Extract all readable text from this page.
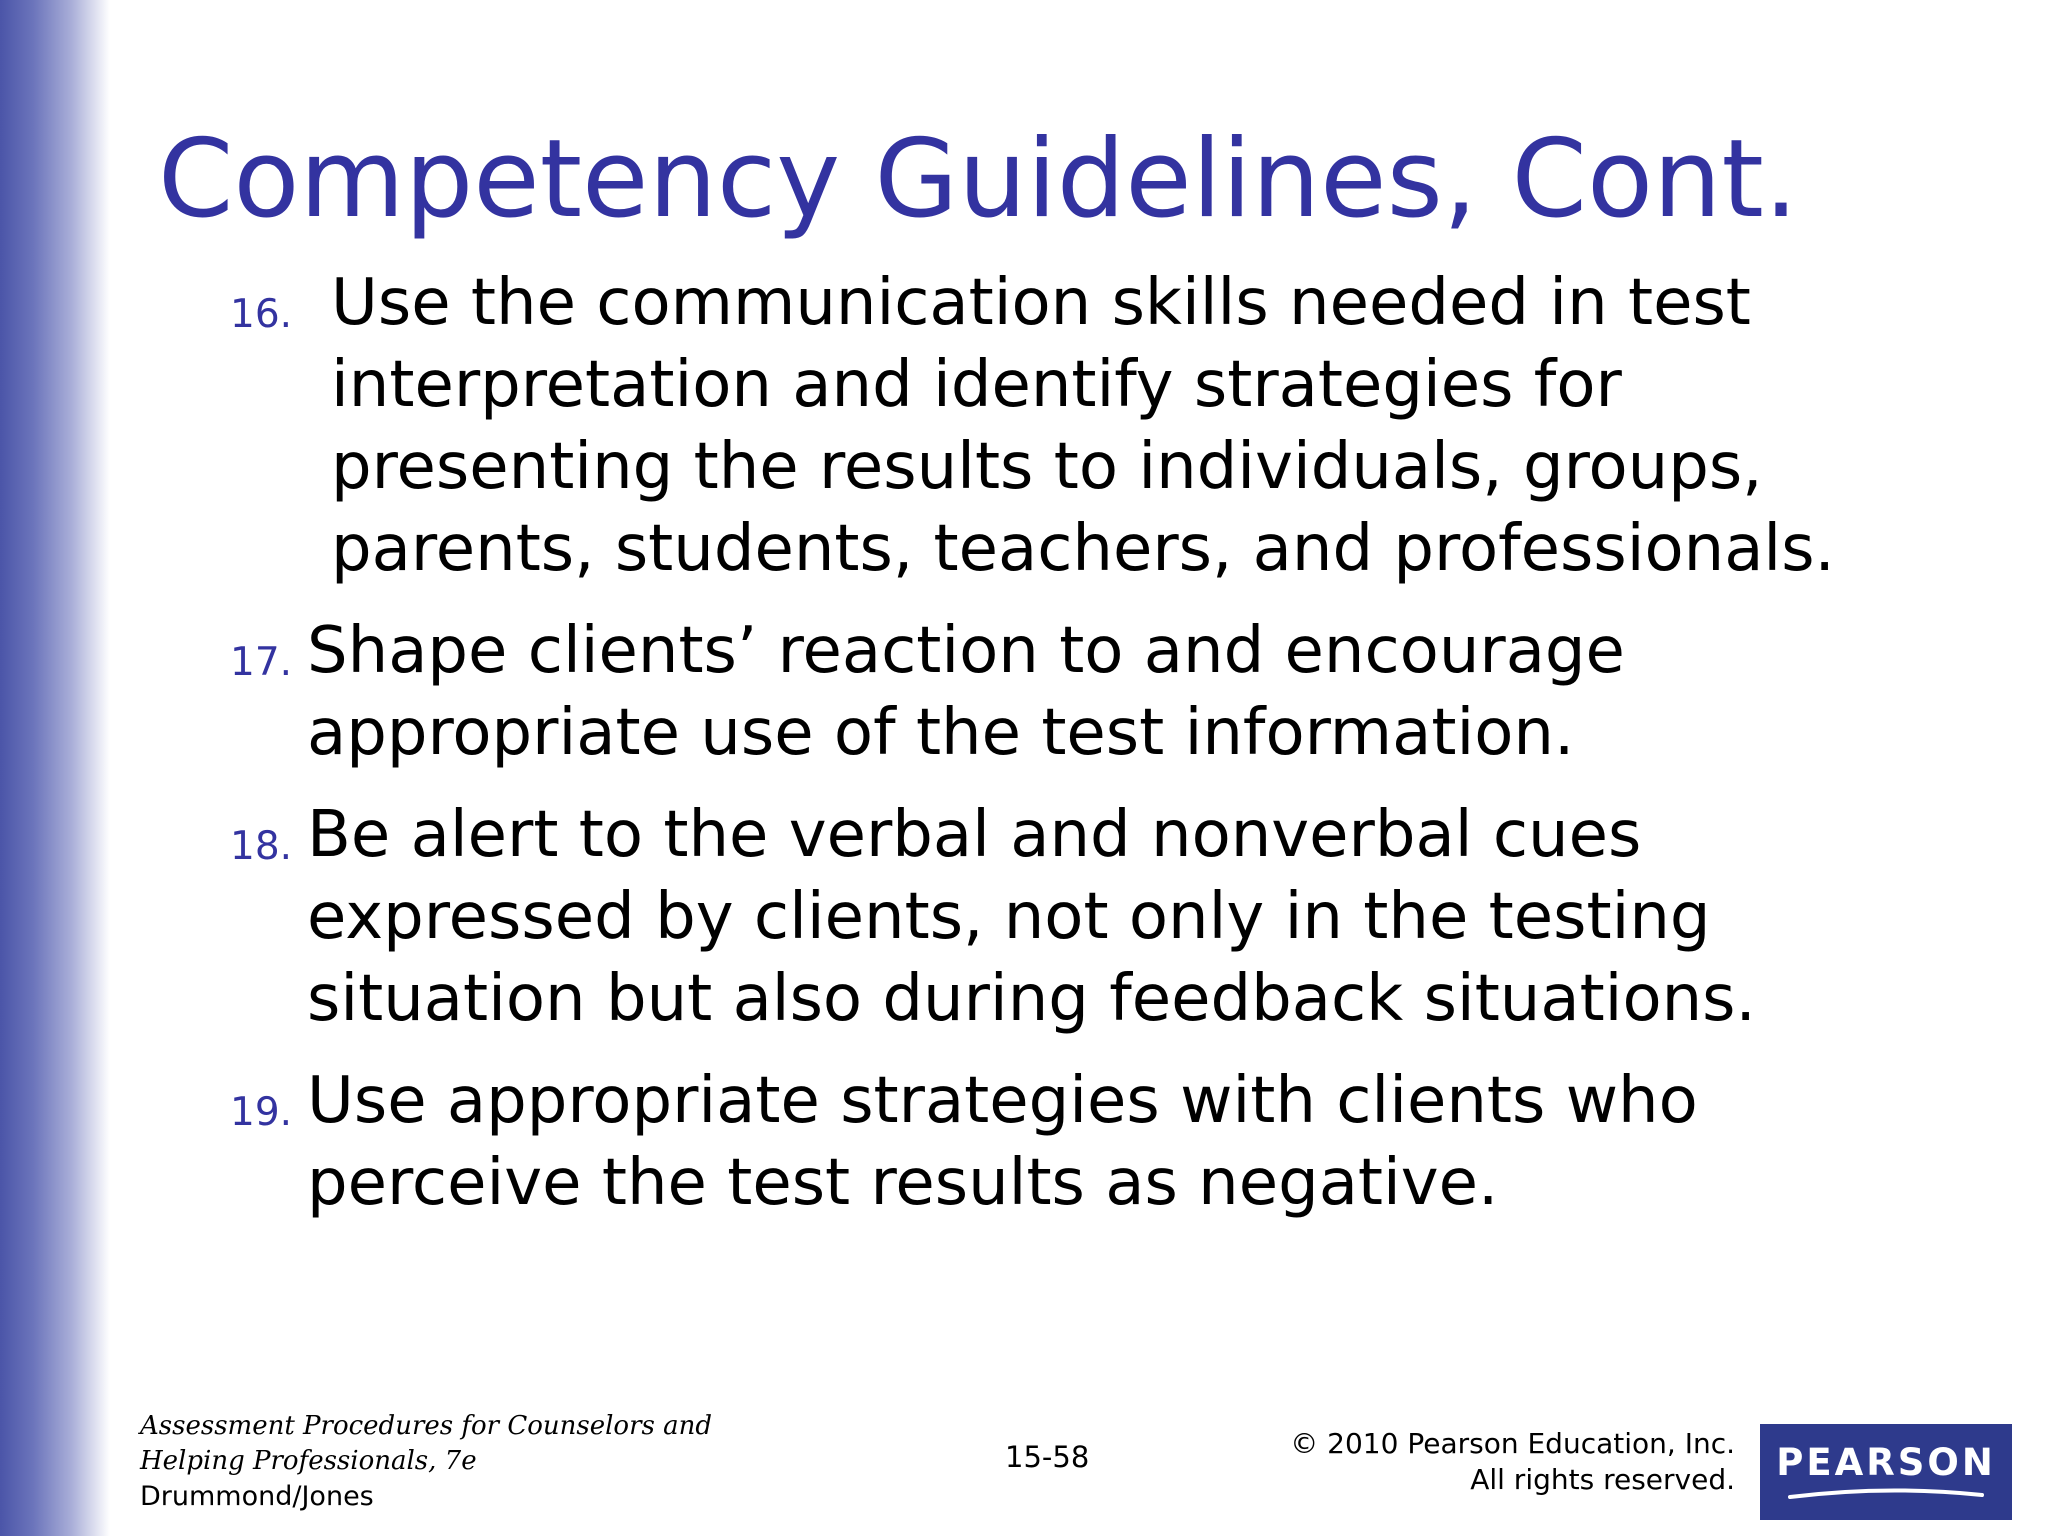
Competency Guidelines, Cont.
16. Use the communication skills needed in test interpretation and identify strategies for presenting the results to individuals, groups, parents, students, teachers, and professionals.
17. Shape clients’ reaction to and encourage appropriate use of the test information.
18. Be alert to the verbal and nonverbal cues expressed by clients, not only in the testing situation but also during feedback situations.
19. Use appropriate strategies with clients who perceive the test results as negative.
Assessment Procedures for Counselors and Helping Professionals, 7e
Drummond/Jones
15-58	© 2010 Pearson Education, Inc.
All rights reserved. PEARSON
